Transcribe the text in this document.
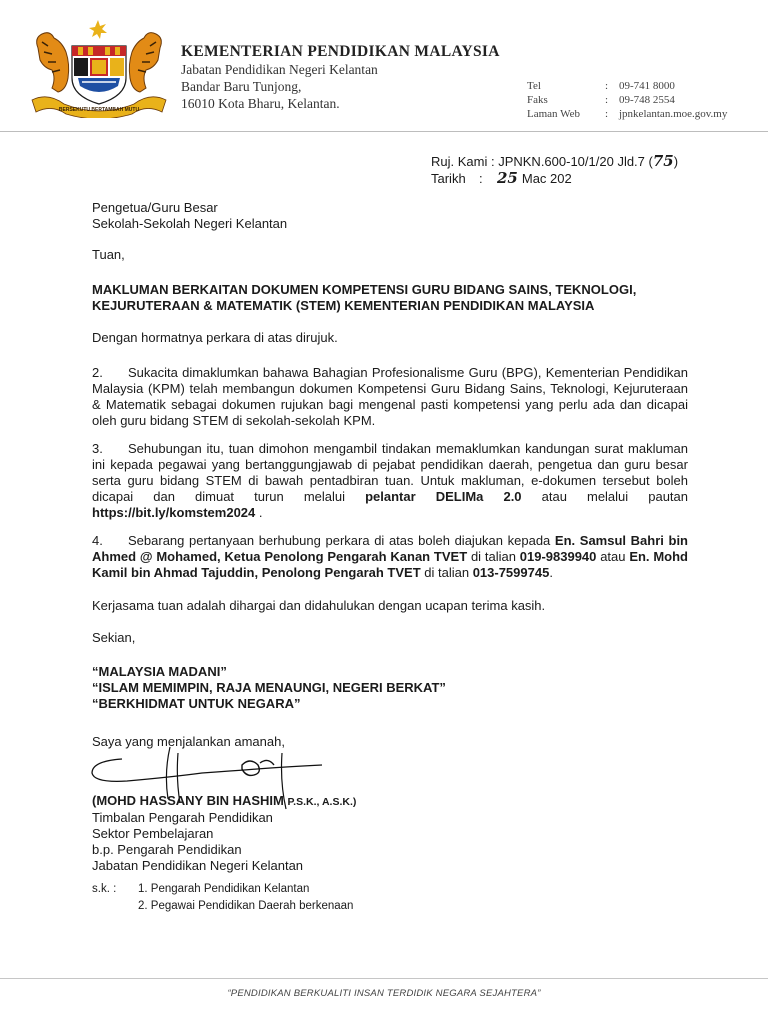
BERSEKUTU BERTAMBAH MUTU
KEMENTERIAN PENDIDIKAN MALAYSIA
Jabatan Pendidikan Negeri Kelantan
Bandar Baru Tunjong,
16010 Kota Bharu, Kelantan.
Tel	: 09-741 8000
Faks	: 09-748 2554
Laman Web	: jpnkelantan.moe.gov.my
Ruj. Kami :
JPNKN.600-10/1/20 Jld.7 ( 75 )
Tarikh	: 25 Mac 202
Pengetua/Guru Besar
Sekolah-Sekolah Negeri Kelantan
Tuan,
MAKLUMAN BERKAITAN DOKUMEN KOMPETENSI GURU BIDANG SAINS, TEKNOLOGI,
KEJURUTERAAN & MATEMATIK (STEM) KEMENTERIAN PENDIDIKAN MALAYSIA
Dengan hormatnya perkara di atas dirujuk.
2. Sukacita dimaklumkan bahawa Bahagian Profesionalisme Guru (BPG), Kementerian Pendidikan Malaysia (KPM) telah membangun dokumen Kompetensi Guru Bidang Sains, Teknologi, Kejuruteraan & Matematik sebagai dokumen rujukan bagi mengenal pasti kompetensi yang perlu ada dan dicapai oleh guru bidang STEM di sekolah-sekolah KPM.
3. Sehubungan itu, tuan dimohon mengambil tindakan memaklumkan kandungan surat makluman ini kepada pegawai yang bertanggungjawab di pejabat pendidikan daerah, pengetua dan guru besar serta guru bidang STEM di bawah pentadbiran tuan. Untuk makluman, e-dokumen tersebut boleh dicapai dan dimuat turun melalui pelantar DELIMa 2.0 atau melalui pautan https://bit.ly/komstem2024 .
4. Sebarang pertanyaan berhubung perkara di atas boleh diajukan kepada En. Samsul Bahri bin Ahmed @ Mohamed, Ketua Penolong Pengarah Kanan TVET di talian 019-9839940 atau En. Mohd Kamil bin Ahmad Tajuddin, Penolong Pengarah TVET di talian 013-7599745.
Kerjasama tuan adalah dihargai dan didahulukan dengan ucapan terima kasih.
Sekian,
“MALAYSIA MADANI”
“ISLAM MEMIMPIN, RAJA MENAUNGI, NEGERI BERKAT”
“BERKHIDMAT UNTUK NEGARA”
Saya yang menjalankan amanah,
(MOHD HASSANY BIN HASHIM P.S.K., A.S.K.)
Timbalan Pengarah Pendidikan
Sektor Pembelajaran
b.p. Pengarah Pendidikan
Jabatan Pendidikan Negeri Kelantan
s.k. :	1. Pengarah Pendidikan Kelantan
2. Pegawai Pendidikan Daerah berkenaan
“PENDIDIKAN BERKUALITI INSAN TERDIDIK NEGARA SEJAHTERA”
